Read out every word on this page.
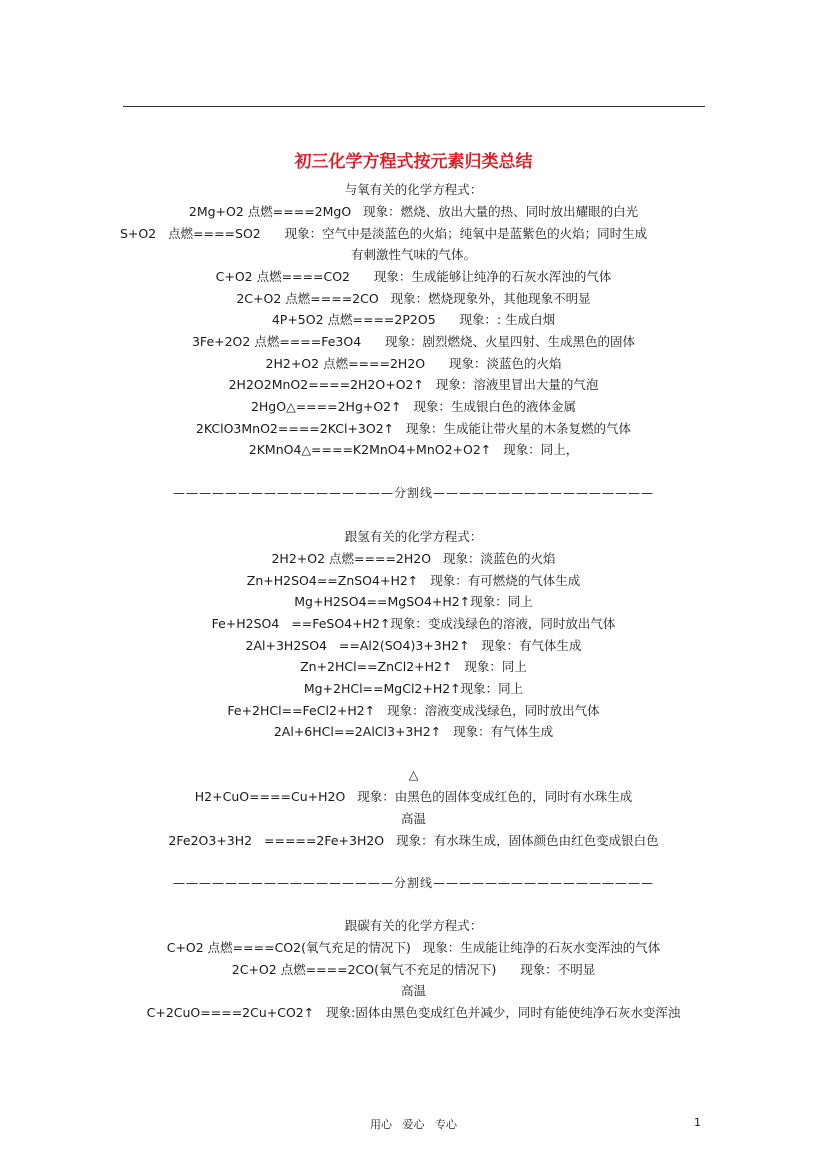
初三化学方程式按元素归类总结
与氧有关的化学方程式：
2Mg+O2 点燃====2MgO   现象：燃烧、放出大量的热、同时放出耀眼的白光
S+O2   点燃====SO2      现象：空气中是淡蓝色的火焰；纯氧中是蓝紫色的火焰；同时生成
有刺激性气味的气体。
C+O2 点燃====CO2      现象：生成能够让纯净的石灰水浑浊的气体
2C+O2 点燃====2CO   现象：燃烧现象外，其他现象不明显
4P+5O2 点燃====2P2O5      现象：: 生成白烟
3Fe+2O2 点燃====Fe3O4      现象：剧烈燃烧、火星四射、生成黑色的固体
2H2+O2 点燃====2H2O      现象：淡蓝色的火焰
2H2O2MnO2====2H2O+O2↑   现象：溶液里冒出大量的气泡
2HgO△====2Hg+O2↑   现象：生成银白色的液体金属
2KClO3MnO2====2KCl+3O2↑   现象：生成能让带火星的木条复燃的气体
2KMnO4△====K2MnO4+MnO2+O2↑   现象：同上，
—————————————————分割线—————————————————
跟氢有关的化学方程式：
2H2+O2 点燃====2H2O   现象：淡蓝色的火焰
Zn+H2SO4==ZnSO4+H2↑   现象：有可燃烧的气体生成
Mg+H2SO4==MgSO4+H2↑现象：同上
Fe+H2SO4   ==FeSO4+H2↑现象：变成浅绿色的溶液，同时放出气体
2Al+3H2SO4   ==Al2(SO4)3+3H2↑   现象：有气体生成
Zn+2HCl==ZnCl2+H2↑   现象：同上
Mg+2HCl==MgCl2+H2↑现象：同上
Fe+2HCl==FeCl2+H2↑   现象：溶液变成浅绿色，同时放出气体
2Al+6HCl==2AlCl3+3H2↑   现象：有气体生成
△
H2+CuO====Cu+H2O   现象：由黑色的固体变成红色的，同时有水珠生成
高温
2Fe2O3+3H2   =====2Fe+3H2O   现象：有水珠生成，固体颜色由红色变成银白色
—————————————————分割线—————————————————
跟碳有关的化学方程式：
C+O2 点燃====CO2(氧气充足的情况下)   现象：生成能让纯净的石灰水变浑浊的气体
2C+O2 点燃====2CO(氧气不充足的情况下)      现象：不明显
高温
C+2CuO====2Cu+CO2↑   现象:固体由黑色变成红色并减少，同时有能使纯净石灰水变浑浊
用心   爱心   专心	1
